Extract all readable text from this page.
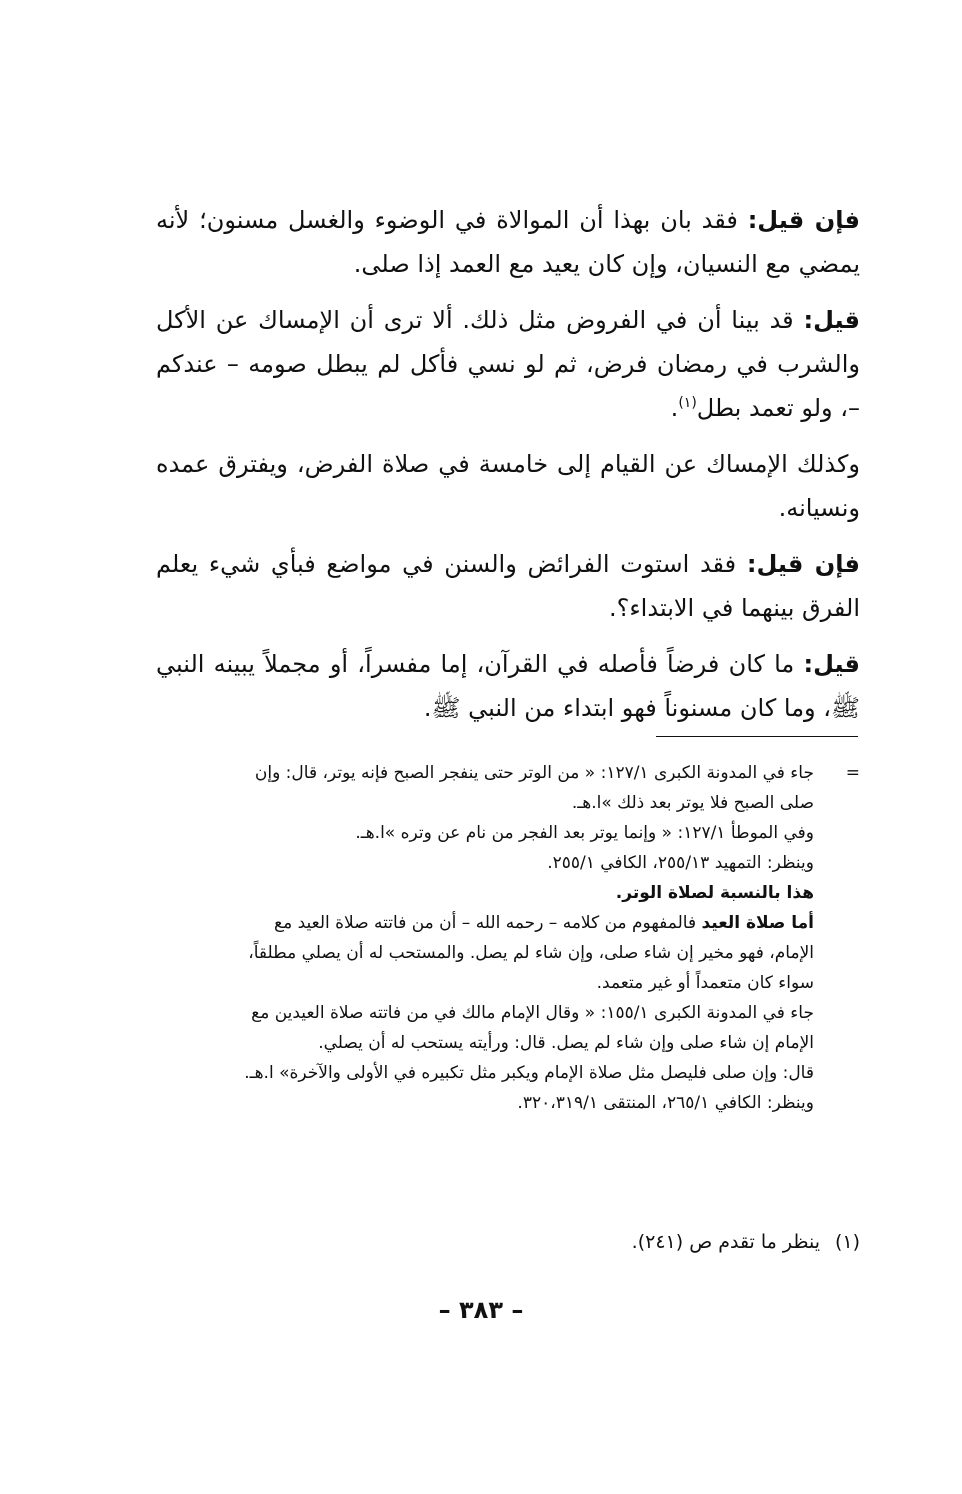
فإن قيل: فقد بان بهذا أن الموالاة في الوضوء والغسل مسنون؛ لأنه يمضي مع النسيان، وإن كان يعيد مع العمد إذا صلى.

قيل: قد بينا أن في الفروض مثل ذلك. ألا ترى أن الإمساك عن الأكل والشرب في رمضان فرض، ثم لو نسي فأكل لم يبطل صومه – عندكم –، ولو تعمد بطل$^{(١)}$.

وكذلك الإمساك عن القيام إلى خامسة في صلاة الفرض، ويفترق عمده ونسيانه.

فإن قيل: فقد استوت الفرائض والسنن في مواضع فبأي شيء يعلم الفرق بينهما في الابتداء؟.

قيل: ما كان فرضاً فأصله في القرآن، إما مفسراً، أو مجملاً يبينه النبي ﷺ، وما كان مسنوناً فهو ابتداء من النبي ﷺ.

=
جاء في المدونة الكبرى ١٢٧/١: « من الوتر حتى ينفجر الصبح فإنه يوتر، قال: وإن

صلى الصبح فلا يوتر بعد ذلك »ا.هـ.

وفي الموطأ ١٢٧/١: « وإنما يوتر بعد الفجر من نام عن وتره »ا.هـ.

وينظر: التمهيد ٢٥٥/١٣، الكافي ٢٥٥/١.

هذا بالنسبة لصلاة الوتر.

أما صلاة العيد فالمفهوم من كلامه – رحمه الله – أن من فاتته صلاة العيد مع

الإمام، فهو مخير إن شاء صلى، وإن شاء لم يصل. والمستحب له أن يصلي مطلقاً،

سواء كان متعمداً أو غير متعمد.

جاء في المدونة الكبرى ١٥٥/١: « وقال الإمام مالك في من فاتته صلاة العيدين مع

الإمام إن شاء صلى وإن شاء لم يصل. قال: ورأيته يستحب له أن يصلي.

قال: وإن صلى فليصل مثل صلاة الإمام ويكبر مثل تكبيره في الأولى والآخرة» ا.هـ.

وينظر: الكافي ٢٦٥/١، المنتقى ٣٢٠،٣١٩/١.

(١)ينظر ما تقدم ص (٢٤١).
– ٣٨٣ –
